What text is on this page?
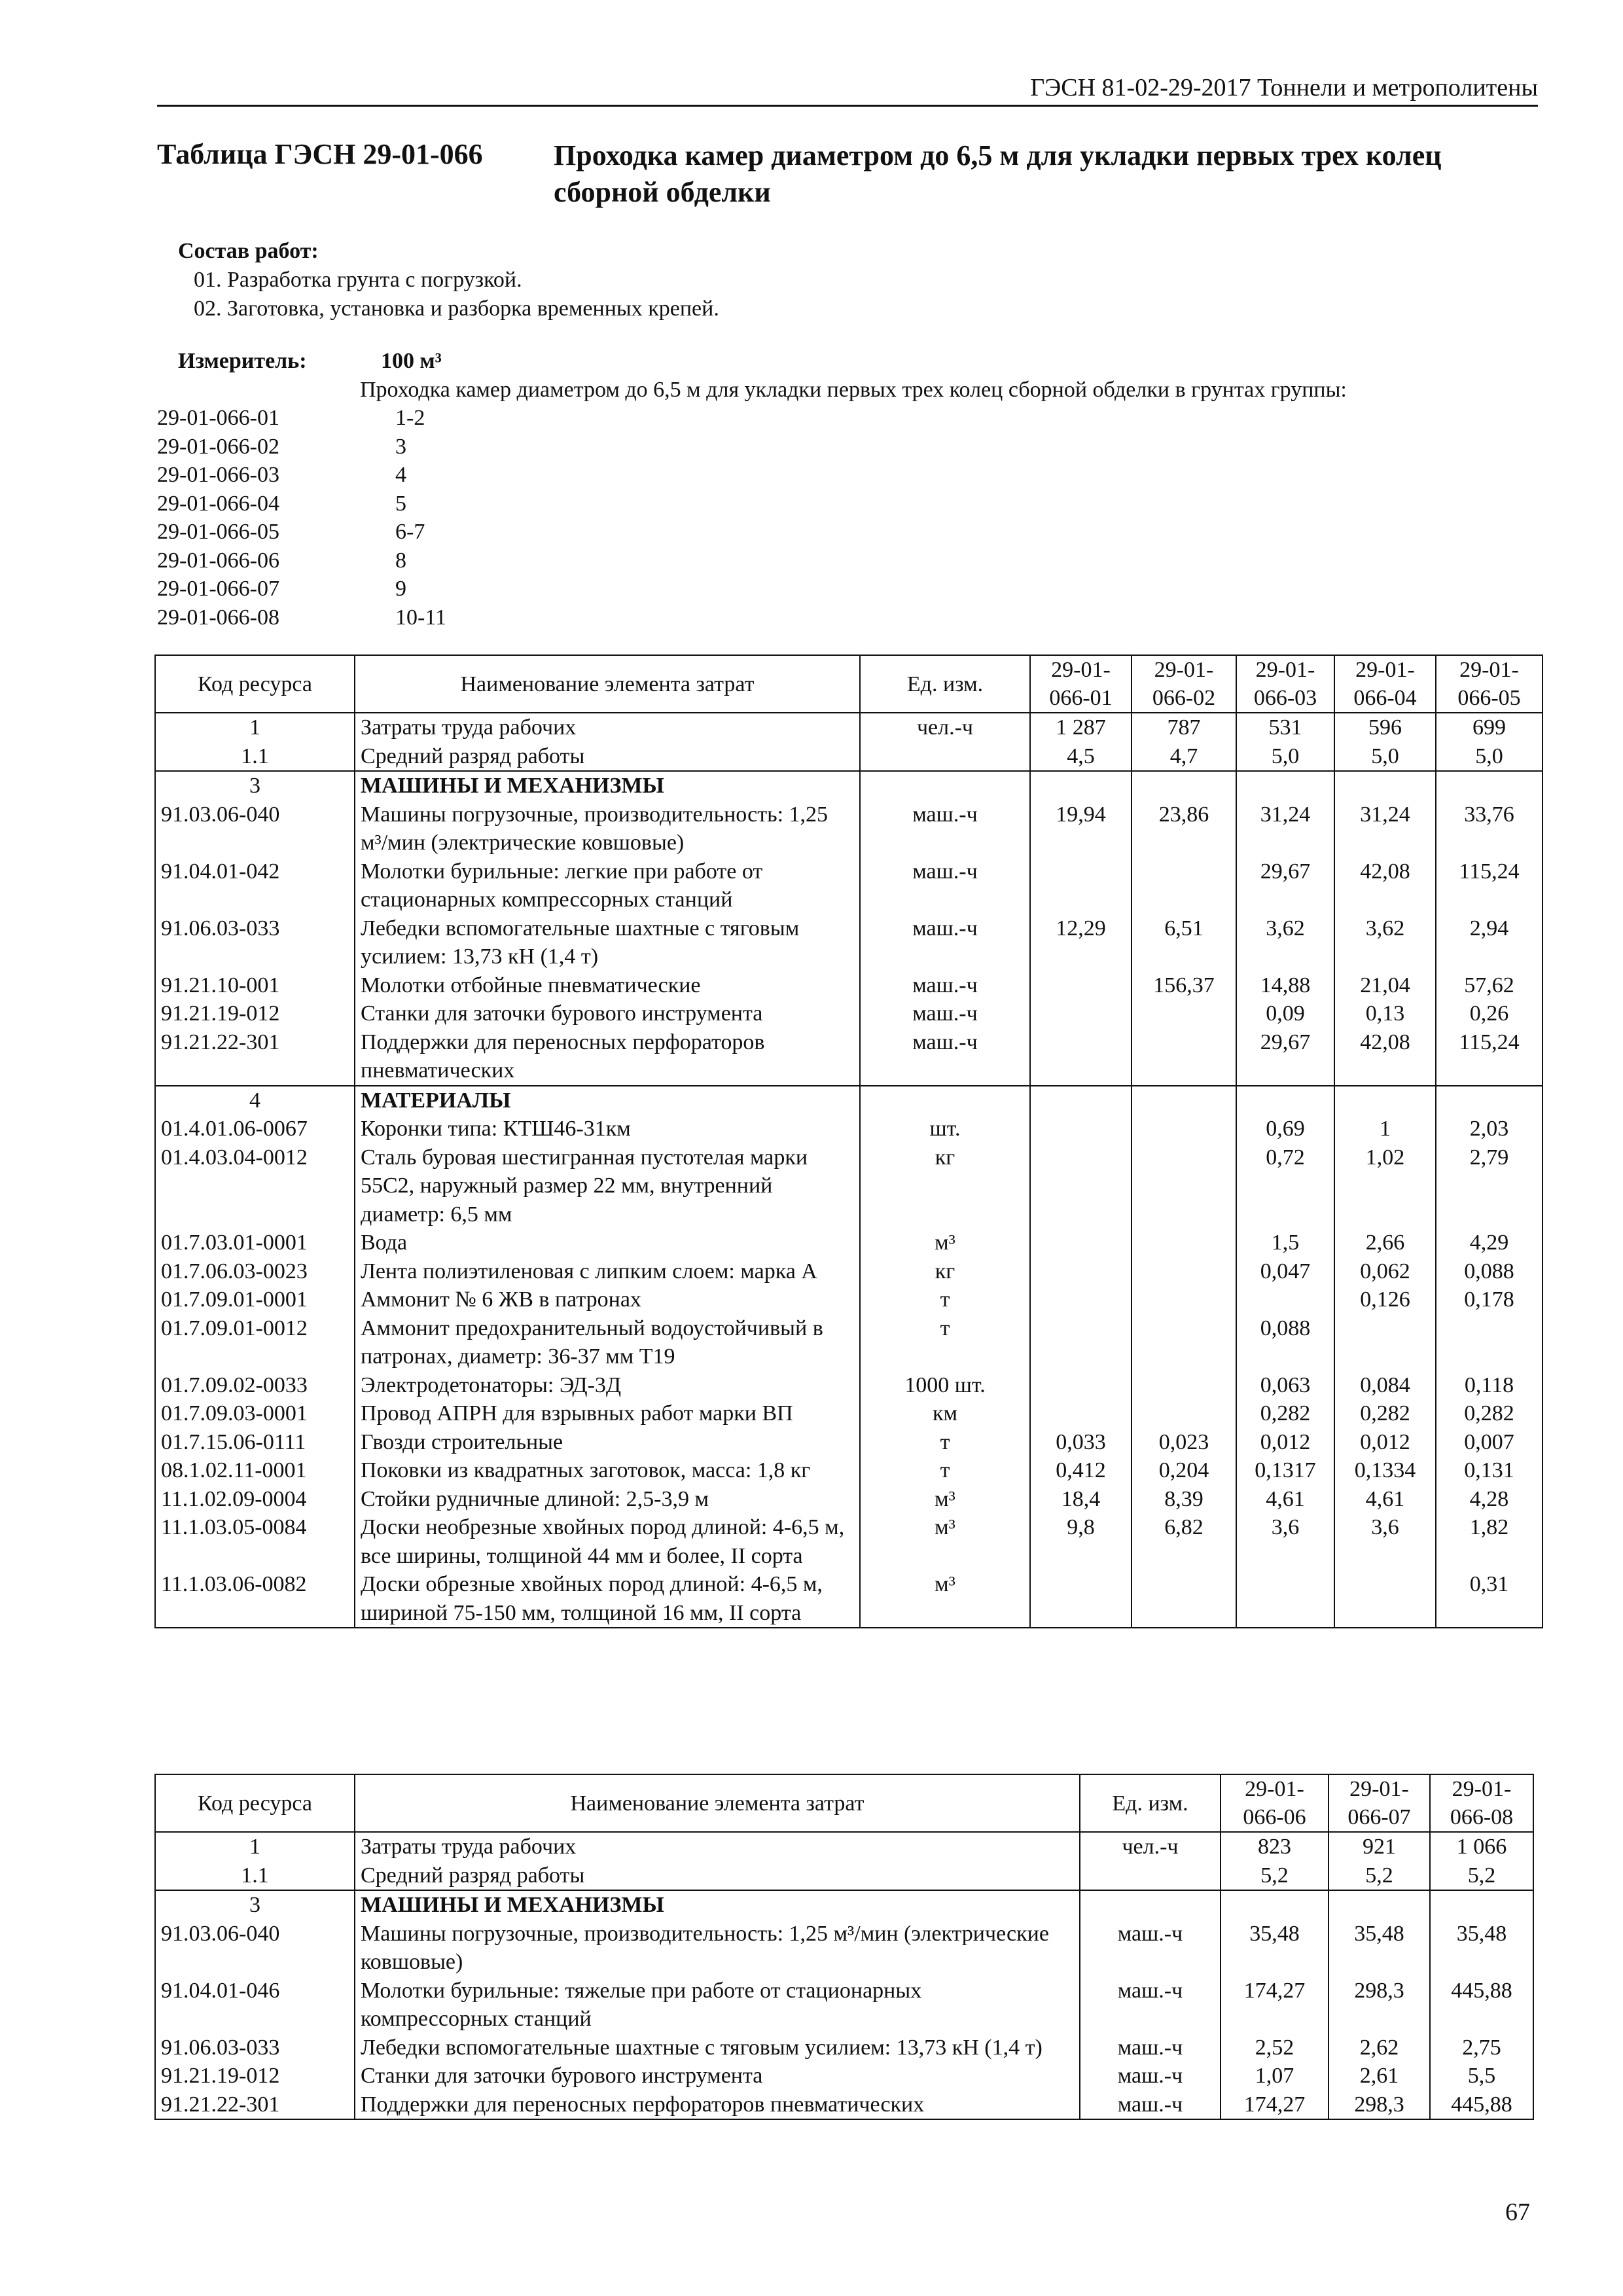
ГЭСН 81-02-29-2017 Тоннели и метрополитены
Таблица ГЭСН 29-01-066 Проходка камер диаметром до 6,5 м для укладки первых трех колец сборной обделки
Состав работ:
01. Разработка грунта с погрузкой.
02. Заготовка, установка и разборка временных крепей.
Измеритель:	100 м³
Проходка камер диаметром до 6,5 м для укладки первых трех колец сборной обделки в грунтах группы:
29-01-066-01	1-2
29-01-066-02	3
29-01-066-03	4
29-01-066-04	5
29-01-066-05	6-7
29-01-066-06	8
29-01-066-07	9
29-01-066-08	10-11
Код ресурса	Наименование элемента затрат	Ед. изм.	29-01-066-01	29-01-066-02	29-01-066-03	29-01-066-04	29-01-066-05
1	Затраты труда рабочих	чел.-ч	1 287	787	531	596	699
1.1	Средний разряд работы		4,5	4,7	5,0	5,0	5,0
3	МАШИНЫ И МЕХАНИЗМЫ						
91.03.06-040	Машины погрузочные, производительность: 1,25 м³/мин (электрические ковшовые)	маш.-ч	19,94	23,86	31,24	31,24	33,76
91.04.01-042	Молотки бурильные: легкие при работе от стационарных компрессорных станций	маш.-ч			29,67	42,08	115,24
91.06.03-033	Лебедки вспомогательные шахтные с тяговым усилием: 13,73 кН (1,4 т)	маш.-ч	12,29	6,51	3,62	3,62	2,94
91.21.10-001	Молотки отбойные пневматические	маш.-ч		156,37	14,88	21,04	57,62
91.21.19-012	Станки для заточки бурового инструмента	маш.-ч			0,09	0,13	0,26
91.21.22-301	Поддержки для переносных перфораторов пневматических	маш.-ч			29,67	42,08	115,24
4	МАТЕРИАЛЫ						
01.4.01.06-0067	Коронки типа: КТШ46-31км	шт.			0,69	1	2,03
01.4.03.04-0012	Сталь буровая шестигранная пустотелая марки 55С2, наружный размер 22 мм, внутренний диаметр: 6,5 мм	кг			0,72	1,02	2,79
01.7.03.01-0001	Вода	м³			1,5	2,66	4,29
01.7.06.03-0023	Лента полиэтиленовая с липким слоем: марка А	кг			0,047	0,062	0,088
01.7.09.01-0001	Аммонит № 6 ЖВ в патронах	т				0,126	0,178
01.7.09.01-0012	Аммонит предохранительный водоустойчивый в патронах, диаметр: 36-37 мм Т19	т			0,088		
01.7.09.02-0033	Электродетонаторы: ЭД-3Д	1000 шт.			0,063	0,084	0,118
01.7.09.03-0001	Провод АПРН для взрывных работ марки ВП	км			0,282	0,282	0,282
01.7.15.06-0111	Гвозди строительные	т	0,033	0,023	0,012	0,012	0,007
08.1.02.11-0001	Поковки из квадратных заготовок, масса: 1,8 кг	т	0,412	0,204	0,1317	0,1334	0,131
11.1.02.09-0004	Стойки рудничные длиной: 2,5-3,9 м	м³	18,4	8,39	4,61	4,61	4,28
11.1.03.05-0084	Доски необрезные хвойных пород длиной: 4-6,5 м, все ширины, толщиной 44 мм и более, II сорта	м³	9,8	6,82	3,6	3,6	1,82
11.1.03.06-0082	Доски обрезные хвойных пород длиной: 4-6,5 м, шириной 75-150 мм, толщиной 16 мм, II сорта	м³					0,31
Код ресурса	Наименование элемента затрат	Ед. изм.	29-01-066-06	29-01-066-07	29-01-066-08
1	Затраты труда рабочих	чел.-ч	823	921	1 066
1.1	Средний разряд работы		5,2	5,2	5,2
3	МАШИНЫ И МЕХАНИЗМЫ				
91.03.06-040	Машины погрузочные, производительность: 1,25 м³/мин (электрические ковшовые)	маш.-ч	35,48	35,48	35,48
91.04.01-046	Молотки бурильные: тяжелые при работе от стационарных компрессорных станций	маш.-ч	174,27	298,3	445,88
91.06.03-033	Лебедки вспомогательные шахтные с тяговым усилием: 13,73 кН (1,4 т)	маш.-ч	2,52	2,62	2,75
91.21.19-012	Станки для заточки бурового инструмента	маш.-ч	1,07	2,61	5,5
91.21.22-301	Поддержки для переносных перфораторов пневматических	маш.-ч	174,27	298,3	445,88
67
